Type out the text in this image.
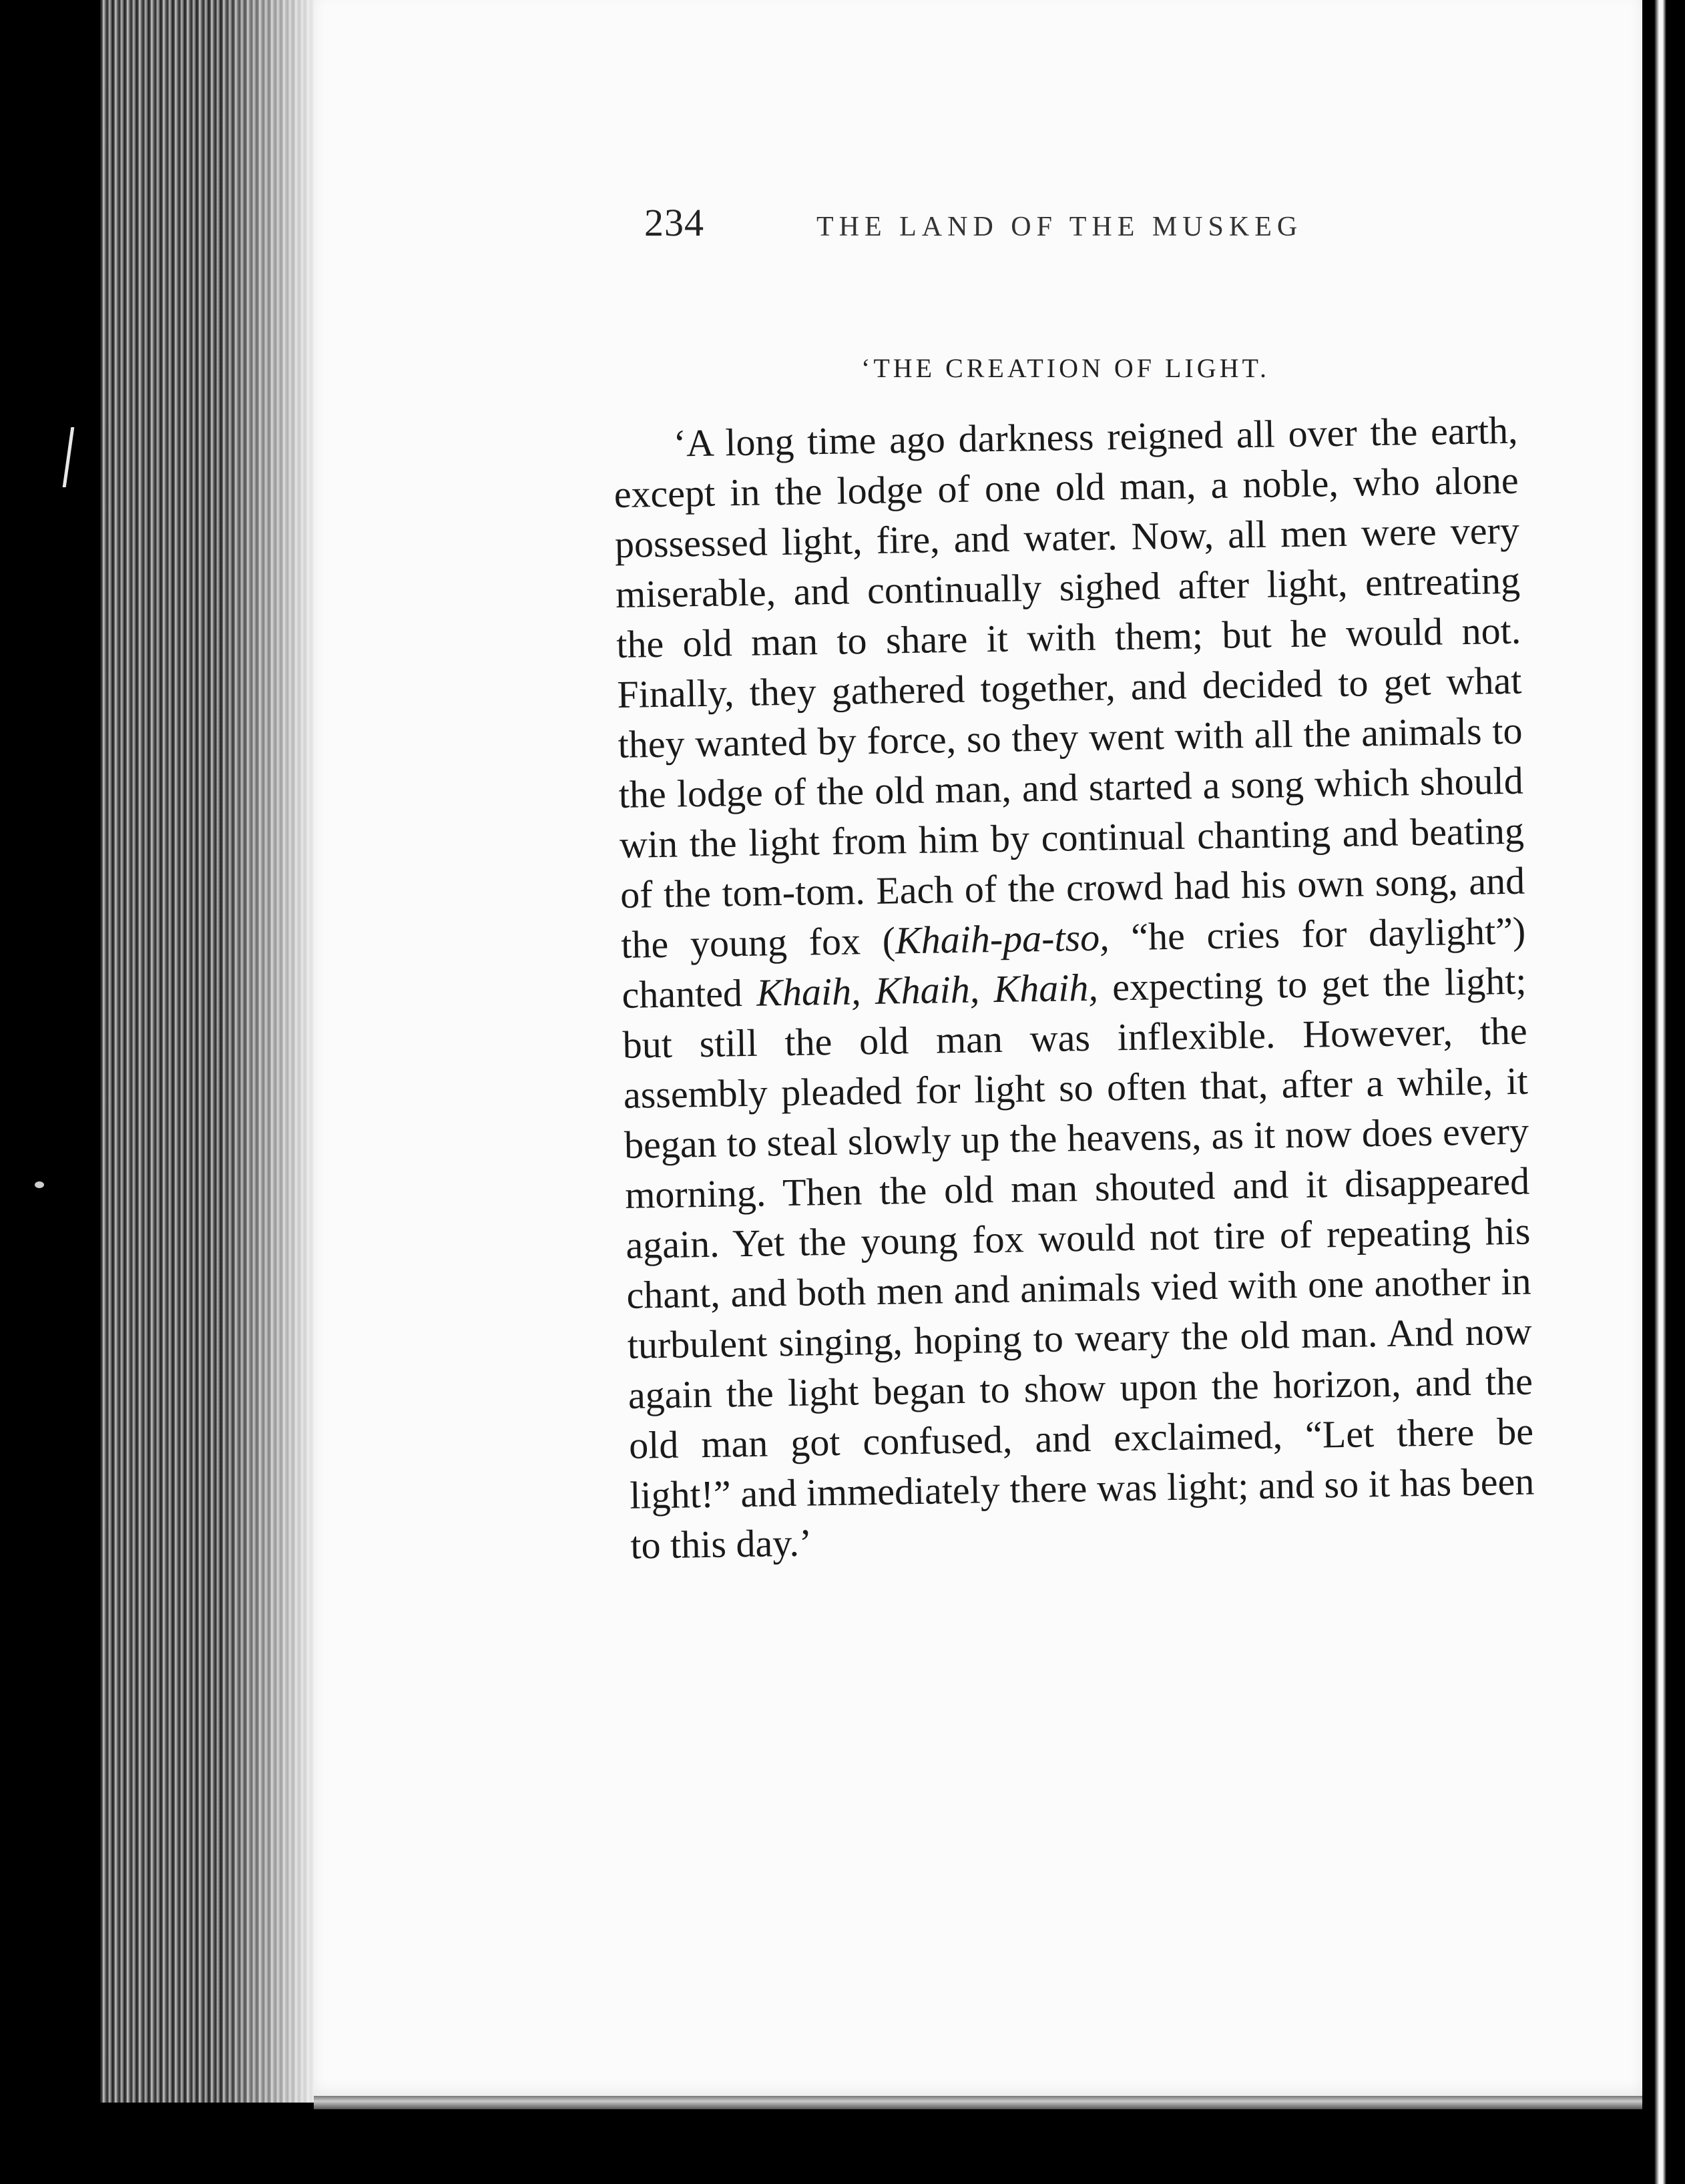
234	THE LAND OF THE MUSKEG
‘THE CREATION OF LIGHT.
‘A long time ago darkness reigned all over the earth, except in the lodge of one old man, a noble, who alone possessed light, fire, and water. Now, all men were very miserable, and continually sighed after light, entreating the old man to share it with them; but he would not. Finally, they gathered together, and decided to get what they wanted by force, so they went with all the animals to the lodge of the old man, and started a song which should win the light from him by continual chanting and beating of the tom-tom. Each of the crowd had his own song, and the young fox (Khaih-pa-tso, “he cries for daylight”) chanted Khaih, Khaih, Khaih, expecting to get the light; but still the old man was inflexible. However, the assembly pleaded for light so often that, after a while, it began to steal slowly up the heavens, as it now does every morning. Then the old man shouted and it disappeared again. Yet the young fox would not tire of repeating his chant, and both men and animals vied with one another in turbulent singing, hoping to weary the old man. And now again the light began to show upon the horizon, and the old man got confused, and exclaimed, “Let there be light!” and immediately there was light; and so it has been to this day.’
